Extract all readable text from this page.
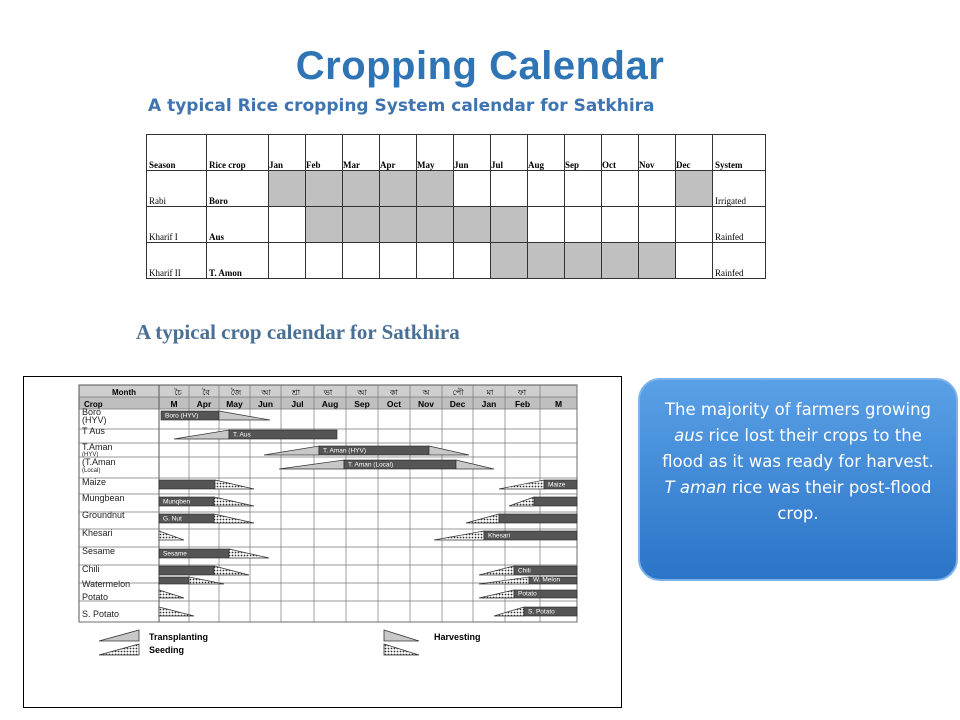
Cropping Calendar
A typical Rice cropping System calendar for Satkhira
Season	Rice crop	Jan	Feb	Mar	Apr	May	Jun	Jul	Aug	Sep	Oct	Nov	Dec	System
Rabi	Boro													Irrigated
Kharif I	Aus													Rainfed
Kharif II	T. Amon													Rainfed
A typical crop calendar for Satkhira
Month
Crop
চৈ	বৈ	জৈ	আ	শ্রা	ভা	আ	কা	অ	পৌ	মা	ফা
M Apr May Jun Jul Aug Sep Oct Nov Dec Jan Feb	M
Boro
(HYV)
T Aus
T.Aman
(HYV)
(T.Aman
(Local)
Maize
Mungbean
Groundnut
Khesari
Sesame
Chili
Watermelon
Potato
S. Potato
Boro (HYV)
T. Aus
T. Aman (HYV)
T. Aman (Local)
Maize
Munqben
G. Nut
Khesari
Sesame
Chili
W. Melon
Potato
S. Potato
Transplanting
Seeding
Harvesting
The majority of farmers growing aus rice lost their crops to the flood as it was ready for harvest. T aman rice was their post-flood crop.
